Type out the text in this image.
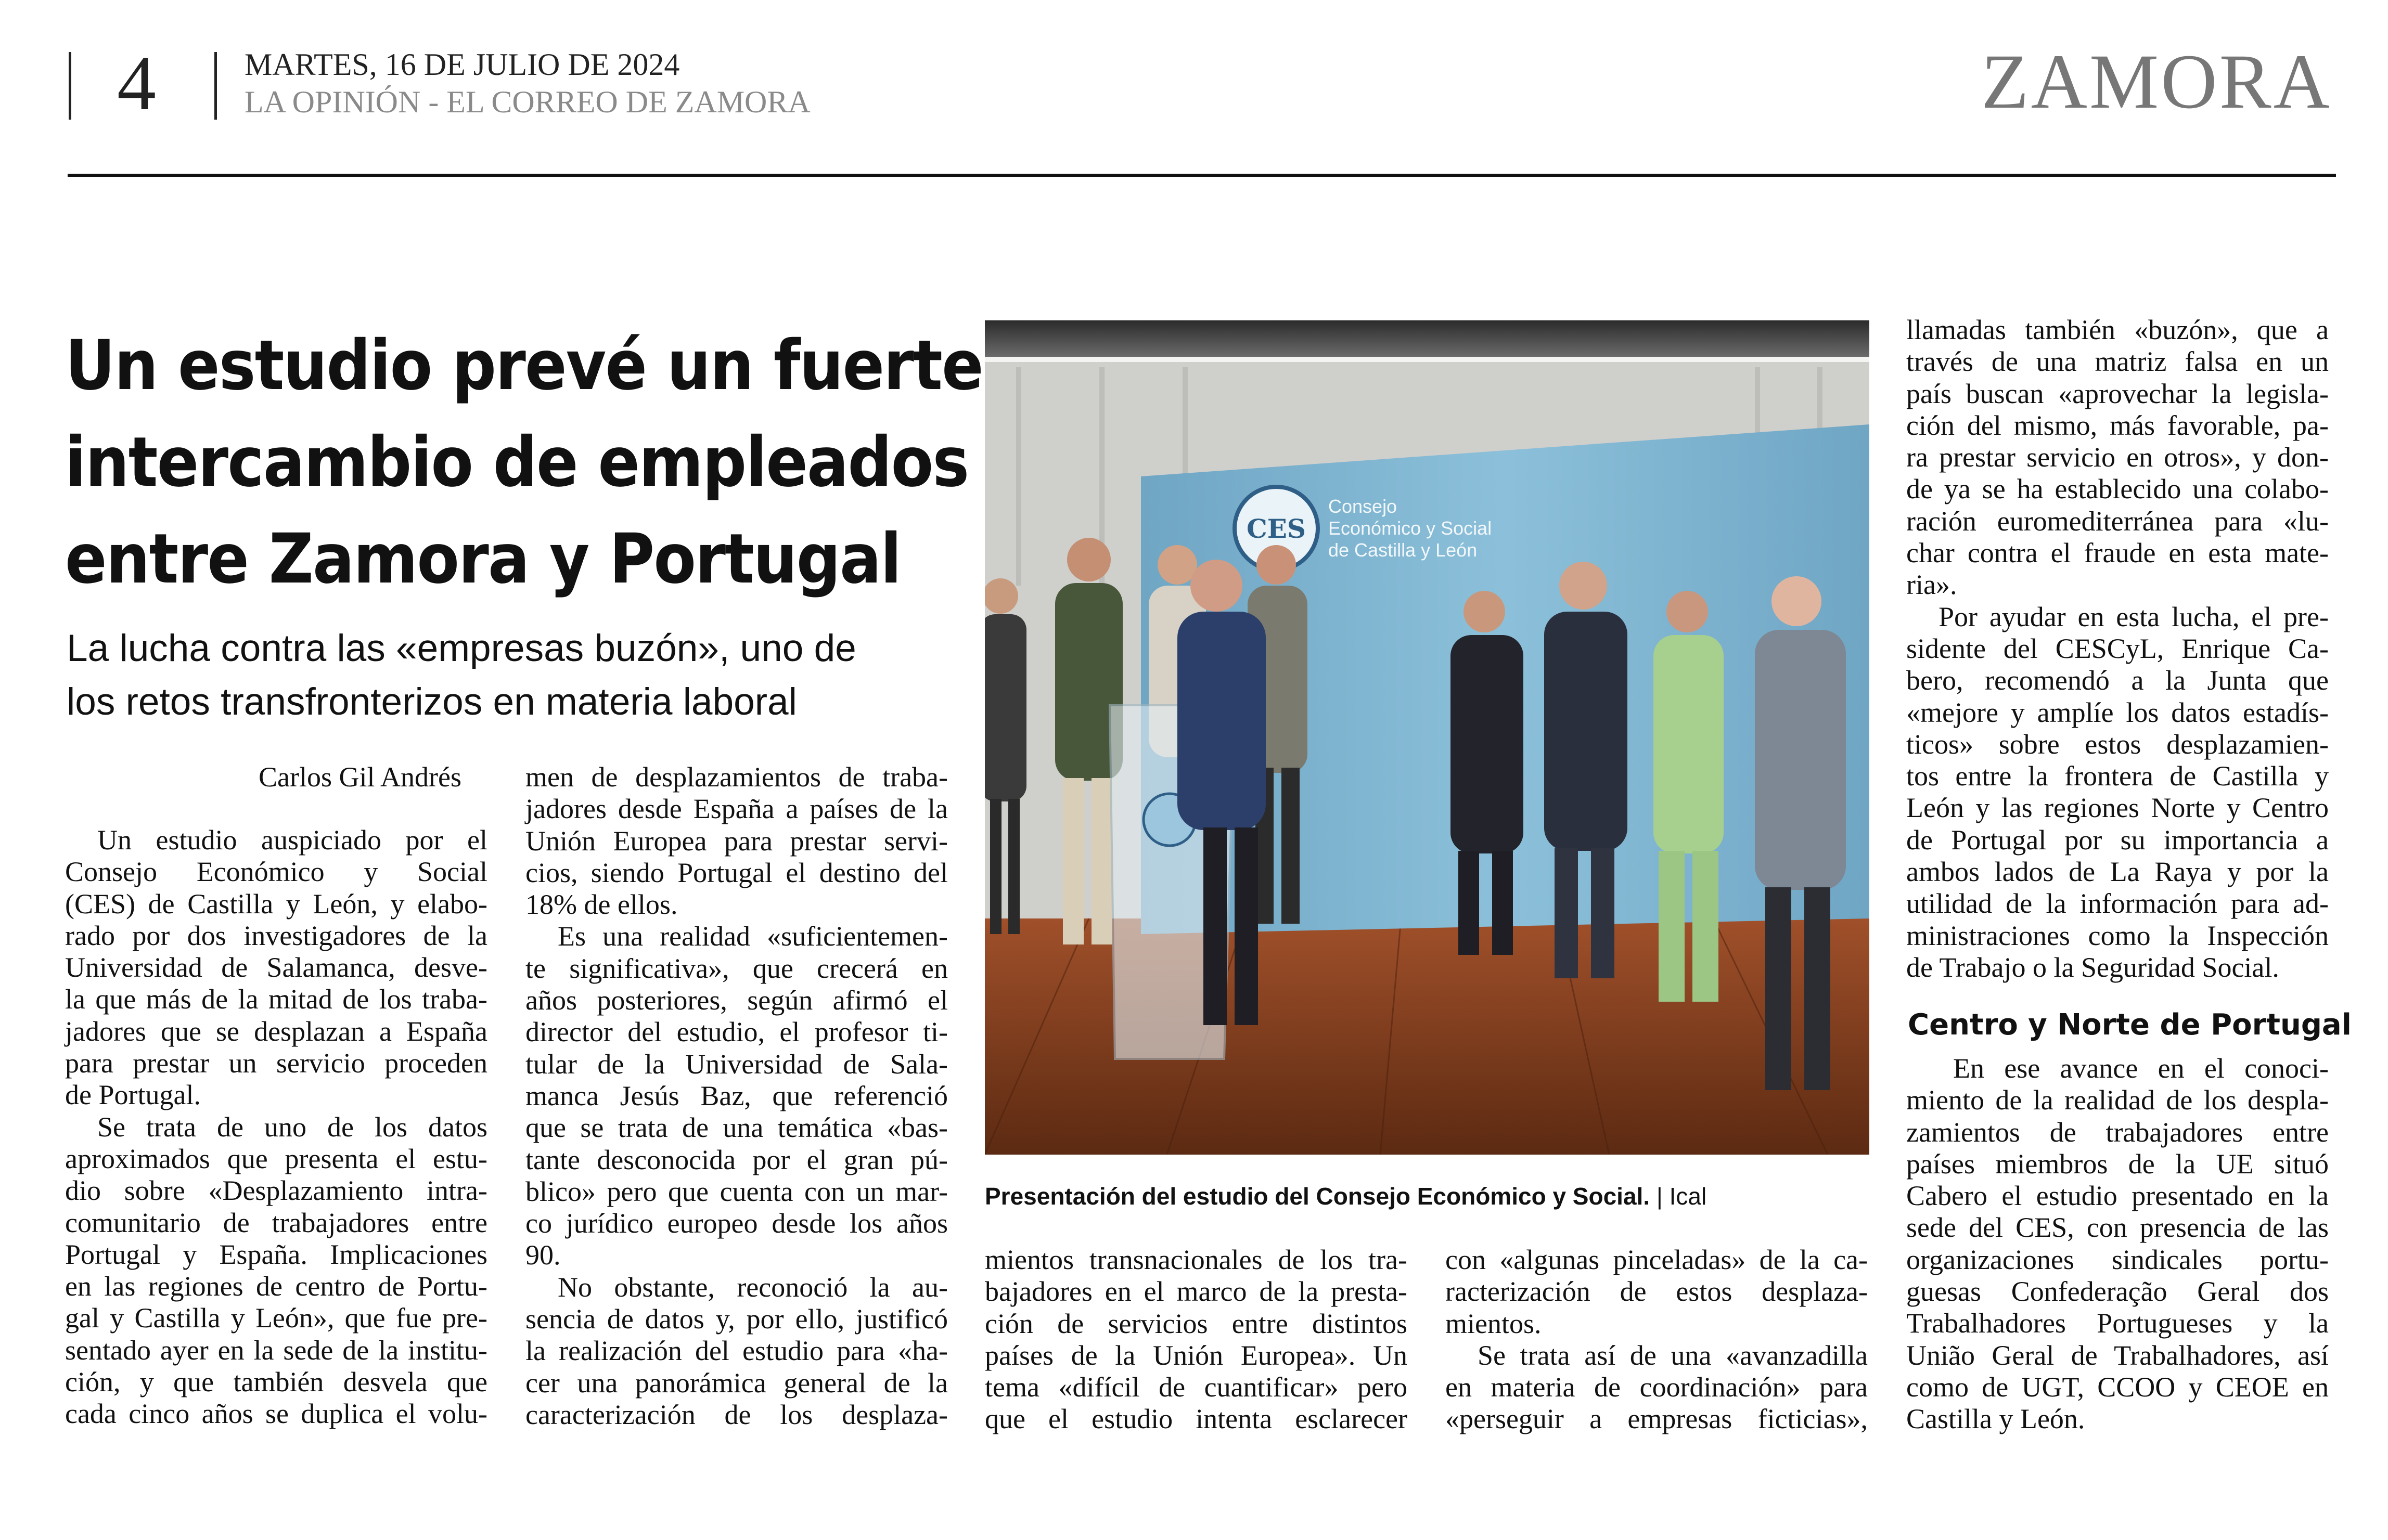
4	MARTES, 16 DE JULIO DE 2024
LA OPINIÓN - EL CORREO DE ZAMORA	ZAMORA
Un estudio prevé un fuerte
intercambio de empleados
entre Zamora y Portugal
La lucha contra las «empresas buzón», uno de
los retos transfronterizos en materia laboral
Carlos Gil Andrés
Un estudio auspiciado por el
Consejo Económico y Social
(CES) de Castilla y León, y elabo-
rado por dos investigadores de la
Universidad de Salamanca, desve-
la que más de la mitad de los traba-
jadores que se desplazan a España
para prestar un servicio proceden
de Portugal.
Se trata de uno de los datos
aproximados que presenta el estu-
dio sobre «Desplazamiento intra-
comunitario de trabajadores entre
Portugal y España. Implicaciones
en las regiones de centro de Portu-
gal y Castilla y León», que fue pre-
sentado ayer en la sede de la institu-
ción, y que también desvela que
cada cinco años se duplica el volu-
men de desplazamientos de traba-
jadores desde España a países de la
Unión Europea para prestar servi-
cios, siendo Portugal el destino del
18% de ellos.
Es una realidad «suficientemen-
te significativa», que crecerá en
años posteriores, según afirmó el
director del estudio, el profesor ti-
tular de la Universidad de Sala-
manca Jesús Baz, que referenció
que se trata de una temática «bas-
tante desconocida por el gran pú-
blico» pero que cuenta con un mar-
co jurídico europeo desde los años
90.
No obstante, reconoció la au-
sencia de datos y, por ello, justificó
la realización del estudio para «ha-
cer una panorámica general de la
caracterización de los desplaza-
mientos transnacionales de los tra-
bajadores en el marco de la presta-
ción de servicios entre distintos
países de la Unión Europea». Un
tema «difícil de cuantificar» pero
que el estudio intenta esclarecer
con «algunas pinceladas» de la ca-
racterización de estos desplaza-
mientos.
Se trata así de una «avanzadilla
en materia de coordinación» para
«perseguir a empresas ficticias»,
llamadas también «buzón», que a
través de una matriz falsa en un
país buscan «aprovechar la legisla-
ción del mismo, más favorable, pa-
ra prestar servicio en otros», y don-
de ya se ha establecido una colabo-
ración euromediterránea para «lu-
char contra el fraude en esta mate-
ria».
Por ayudar en esta lucha, el pre-
sidente del CESCyL, Enrique Ca-
bero, recomendó a la Junta que
«mejore y amplíe los datos estadís-
ticos» sobre estos desplazamien-
tos entre la frontera de Castilla y
León y las regiones Norte y Centro
de Portugal por su importancia a
ambos lados de La Raya y por la
utilidad de la información para ad-
ministraciones como la Inspección
de Trabajo o la Seguridad Social.
Centro y Norte de Portugal
En ese avance en el conoci-
miento de la realidad de los despla-
zamientos de trabajadores entre
países miembros de la UE situó
Cabero el estudio presentado en la
sede del CES, con presencia de las
organizaciones sindicales portu-
guesas Confederação Geral dos
Trabalhadores Portugueses y la
União Geral de Trabalhadores, así
como de UGT, CCOO y CEOE en
Castilla y León.
CES
Consejo
Económico y Social
de Castilla y León
Presentación del estudio del Consejo Económico y Social. | Ical
